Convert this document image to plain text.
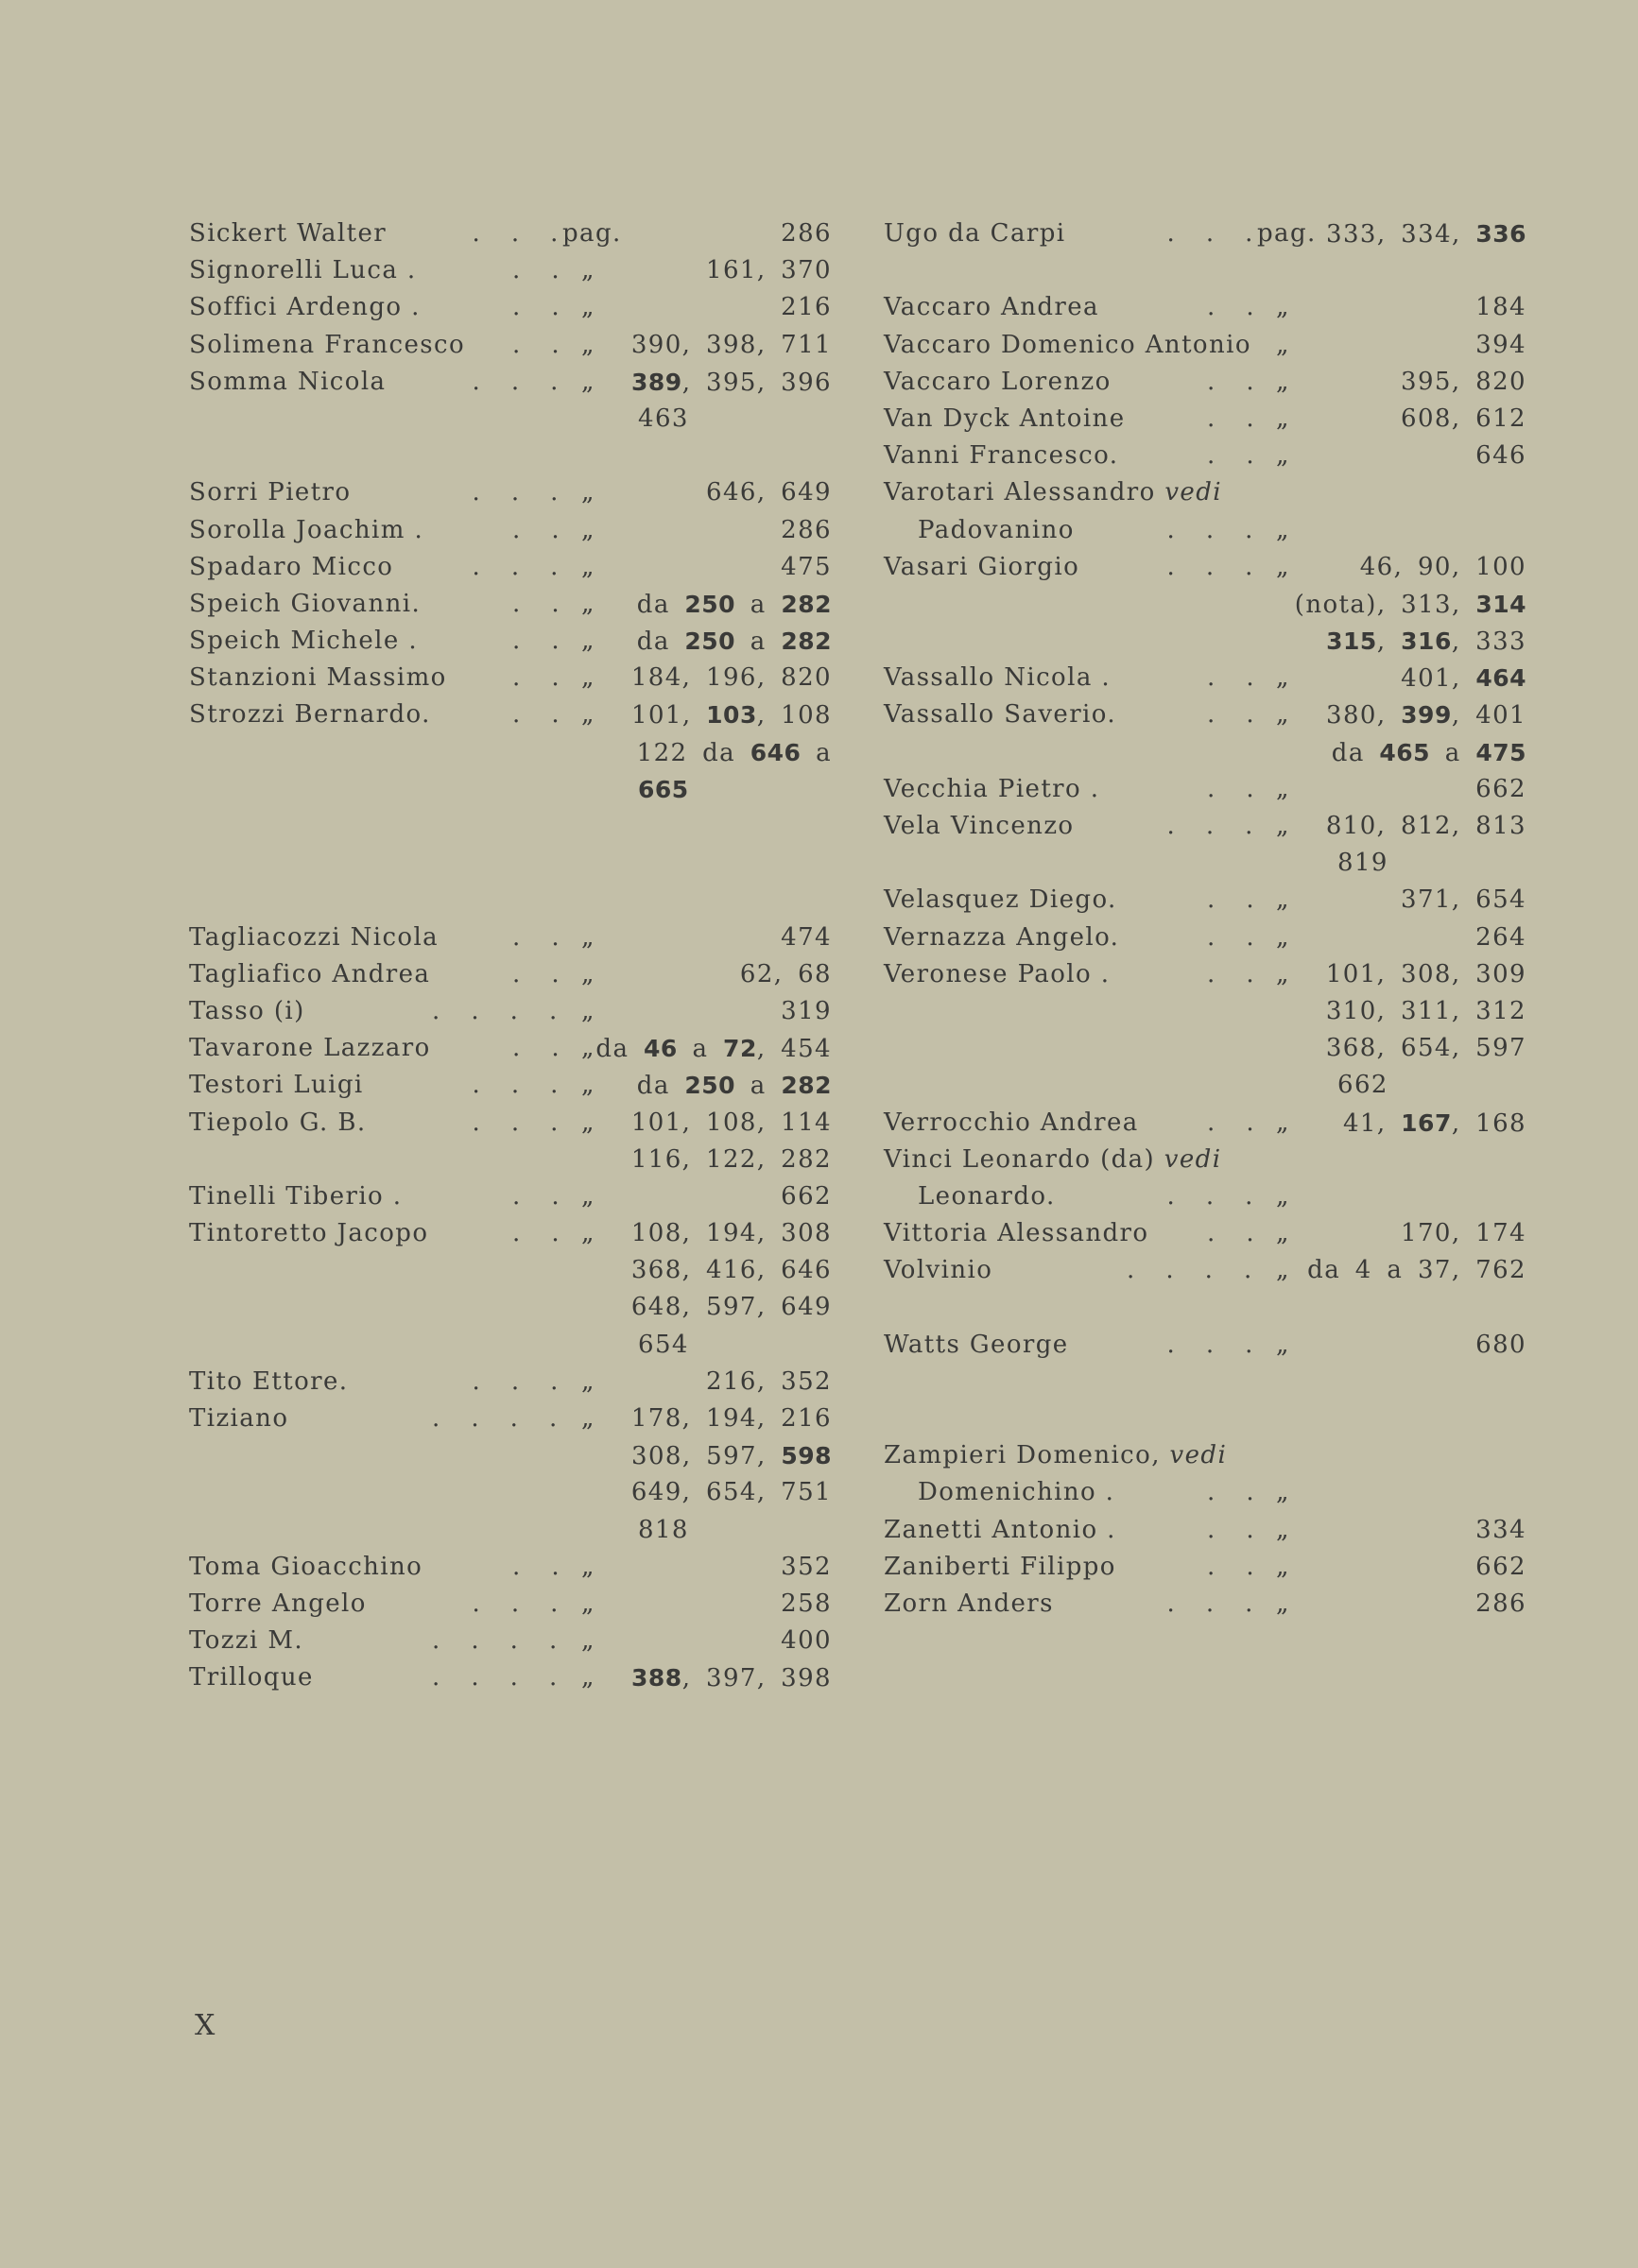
Sickert Walter	.    .    . pag.	286
Signorelli Luca .	.    . „	161, 370
Soffici Ardengo .	.    . „	216
Solimena Francesco .    . „ 390, 398, 711
Somma Nicola	.    .    . „ 389, 395, 396
463
Sorri Pietro	.    .    . „	646, 649
Sorolla Joachim .	.    . „	286
Spadaro Micco	.    .    . „	475
Speich Giovanni.	.    . „ da 250 a 282
Speich Michele .	.    . „ da 250 a 282
Stanzioni Massimo	.    . „ 184, 196, 820
Strozzi Bernardo.	.    . „ 101, 103, 108
122 da 646 a
665
Tagliacozzi Nicola	.    . „	474
Tagliafico Andrea	.    . „	62, 68
Tasso (i)	.    .    .    . „	319
Tavarone Lazzaro	.    . „ da 46 a 72, 454
Testori Luigi	.    .    . „ da 250 a 282
Tiepolo G. B.	.    .    . „ 101, 108, 114
116, 122, 282
Tinelli Tiberio .	.    . „	662
Tintoretto Jacopo	.    . „ 108, 194, 308
368, 416, 646
648, 597, 649
654
Tito Ettore.	.    .    . „	216, 352
Tiziano	.    .    .    . „ 178, 194, 216
308, 597, 598
649, 654, 751
818
Toma Gioacchino	.    . „	352
Torre Angelo	.    .    . „	258
Tozzi M.	.    .    .    . „	400
Trilloque	.    .    .    . „ 388, 397, 398
Ugo da Carpi	.    .    . pag. 333, 334, 336
Vaccaro Andrea	.    . „	184
Vaccaro Domenico Antonio „	394
Vaccaro Lorenzo	.    . „	395, 820
Van Dyck Antoine	.    . „	608, 612
Vanni Francesco.	.    . „	646
Varotari Alessandro vedi
Padovanino	.    .    . „
Vasari Giorgio	.    .    . „	46, 90, 100
(nota), 313, 314
315, 316, 333
Vassallo Nicola .	.    . „	401, 464
Vassallo Saverio.	.    . „ 380, 399, 401
da 465 a 475
Vecchia Pietro .	.    . „	662
Vela Vincenzo	.    .    . „ 810, 812, 813
819
Velasquez Diego.	.    . „	371, 654
Vernazza Angelo.	.    . „	264
Veronese Paolo .	.    . „ 101, 308, 309
310, 311, 312
368, 654, 597
662
Verrocchio Andrea	.    . „ 41, 167, 168
Vinci Leonardo (da) vedi
Leonardo.	.    .    . „
Vittoria Alessandro .    . „	170, 174
Volvinio	.    .    .    . „ da 4 a 37, 762
Watts George	.    .    . „	680
Zampieri Domenico, vedi
Domenichino .	.    . „
Zanetti Antonio .	.    . „	334
Zaniberti Filippo	.    . „	662
Zorn Anders	.    .    . „	286
X
